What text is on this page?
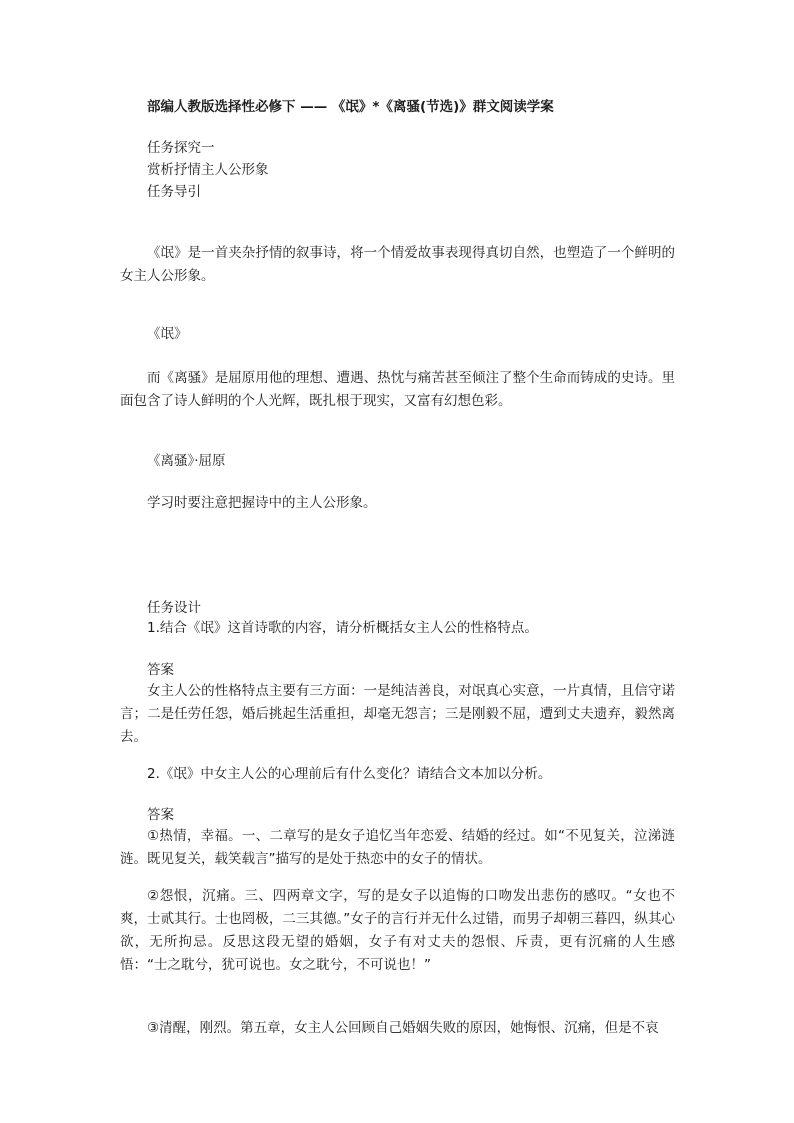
部编人教版选择性必修下 —— 《氓》*《离骚(节选)》群文阅读学案
任务探究一
赏析抒情主人公形象
任务导引
《氓》是一首夹杂抒情的叙事诗，将一个情爱故事表现得真切自然，也塑造了一个鲜明的女主人公形象。
《氓》
而《离骚》是屈原用他的理想、遭遇、热忱与痛苦甚至倾注了整个生命而铸成的史诗。里面包含了诗人鲜明的个人光辉，既扎根于现实，又富有幻想色彩。
《离骚》·屈原
学习时要注意把握诗中的主人公形象。
任务设计
1.结合《氓》这首诗歌的内容，请分析概括女主人公的性格特点。
答案
女主人公的性格特点主要有三方面：一是纯洁善良，对氓真心实意，一片真情，且信守诺言；二是任劳任怨，婚后挑起生活重担，却毫无怨言；三是刚毅不屈，遭到丈夫遗弃，毅然离去。
2.《氓》中女主人公的心理前后有什么变化？请结合文本加以分析。
答案
①热情，幸福。一、二章写的是女子追忆当年恋爱、结婚的经过。如“不见复关，泣涕涟涟。既见复关，载笑载言”描写的是处于热恋中的女子的情状。
②怨恨，沉痛。三、四两章文字，写的是女子以追悔的口吻发出悲伤的感叹。“女也不爽，士贰其行。士也罔极，二三其德。”女子的言行并无什么过错，而男子却朝三暮四，纵其心欲，无所拘忌。反思这段无望的婚姻，女子有对丈夫的怨恨、斥责，更有沉痛的人生感悟：“士之耽兮，犹可说也。女之耽兮，不可说也！”
③清醒，刚烈。第五章，女主人公回顾自己婚姻失败的原因，她悔恨、沉痛，但是不哀
